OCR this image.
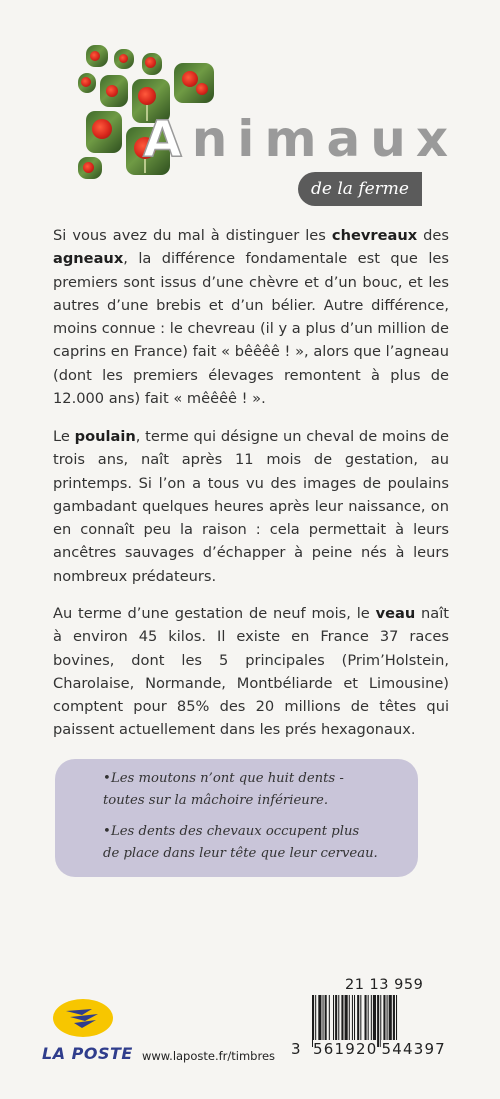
Animaux
de la ferme
Si vous avez du mal à distinguer les chevreaux des agneaux, la différence fondamentale est que les premiers sont issus d’une chèvre et d’un bouc, et les autres d’une brebis et d’un bélier. Autre différence, moins connue : le chevreau (il y a plus d’un million de caprins en France) fait « bêêêê ! », alors que l’agneau (dont les premiers élevages remontent à plus de 12.000 ans) fait « mêêêê ! ».
Le poulain, terme qui désigne un cheval de moins de trois ans, naît après 11 mois de gestation, au printemps. Si l’on a tous vu des images de poulains gambadant quelques heures après leur naissance, on en connaît peu la raison : cela permettait à leurs ancêtres sauvages d’échapper à peine nés à leurs nombreux prédateurs.
Au terme d’une gestation de neuf mois, le veau naît à environ 45 kilos. Il existe en France 37 races bovines, dont les 5 principales (Prim’Holstein, Charolaise, Normande, Montbéliarde et Limousine) comptent pour 85% des 20 millions de têtes qui paissent actuellement dans les prés hexagonaux.
•Les moutons n’ont que huit dents -
toutes sur la mâchoire inférieure.
•Les dents des chevaux occupent plus
de place dans leur tête que leur cerveau.
LA POSTE www.laposte.fr/timbres
21 13 959
3 561920 544397
